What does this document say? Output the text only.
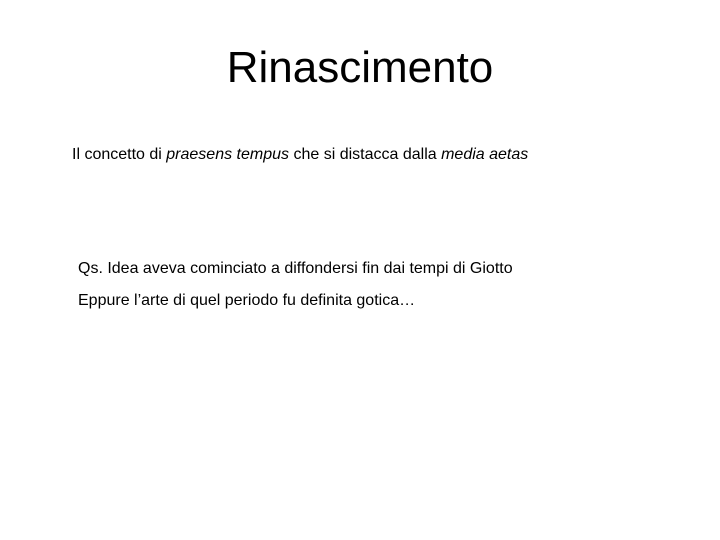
Rinascimento

Il concetto di praesens tempus che si distacca dalla media aetas

Qs. Idea aveva cominciato a diffondersi fin dai tempi di Giotto

Eppure l’arte di quel periodo fu definita gotica…
